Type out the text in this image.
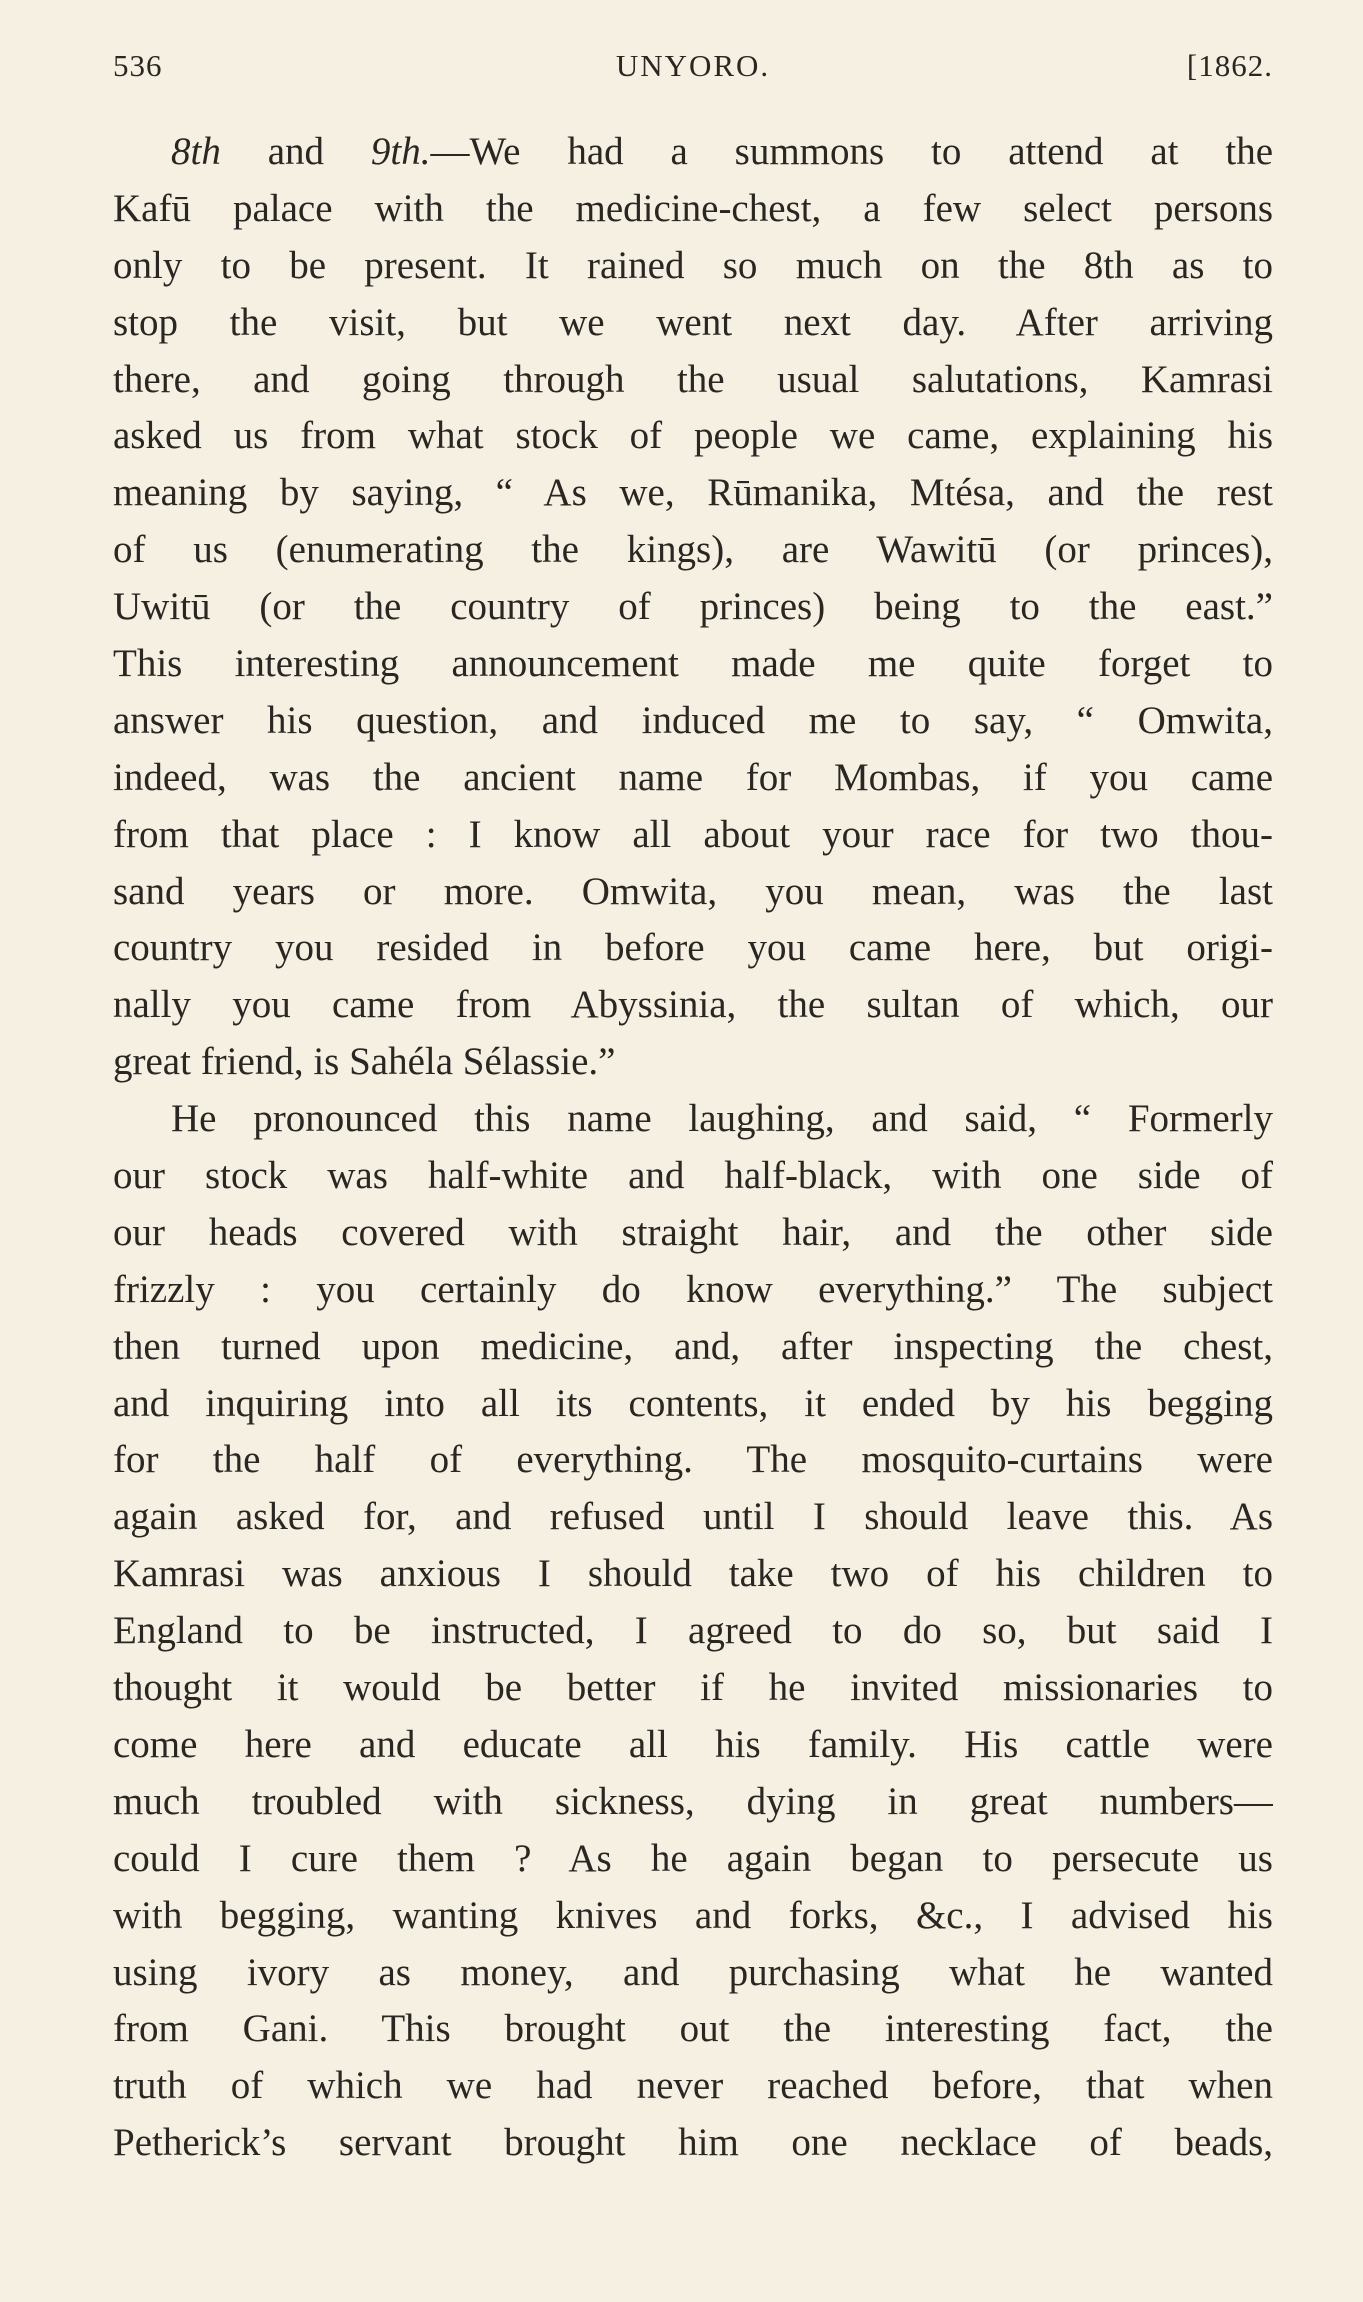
536	UNYORO.	[1862.
8th and 9th.—We had a summons to attend at the
Kafū palace with the medicine-chest, a few select persons
only to be present. It rained so much on the 8th as to
stop the visit, but we went next day. After arriving
there, and going through the usual salutations, Kamrasi
asked us from what stock of people we came, explaining his
meaning by saying, “ As we, Rūmanika, Mtésa, and the rest
of us (enumerating the kings), are Wawitū (or princes),
Uwitū (or the country of princes) being to the east.”
This interesting announcement made me quite forget to
answer his question, and induced me to say, “ Omwita,
indeed, was the ancient name for Mombas, if you came
from that place : I know all about your race for two thou-
sand years or more. Omwita, you mean, was the last
country you resided in before you came here, but origi-
nally you came from Abyssinia, the sultan of which, our
great friend, is Sahéla Sélassie.”
He pronounced this name laughing, and said, “ Formerly
our stock was half-white and half-black, with one side of
our heads covered with straight hair, and the other side
frizzly : you certainly do know everything.” The subject
then turned upon medicine, and, after inspecting the chest,
and inquiring into all its contents, it ended by his begging
for the half of everything. The mosquito-curtains were
again asked for, and refused until I should leave this. As
Kamrasi was anxious I should take two of his children to
England to be instructed, I agreed to do so, but said I
thought it would be better if he invited missionaries to
come here and educate all his family. His cattle were
much troubled with sickness, dying in great numbers—
could I cure them ? As he again began to persecute us
with begging, wanting knives and forks, &c., I advised his
using ivory as money, and purchasing what he wanted
from Gani. This brought out the interesting fact, the
truth of which we had never reached before, that when
Petherick’s servant brought him one necklace of beads,
